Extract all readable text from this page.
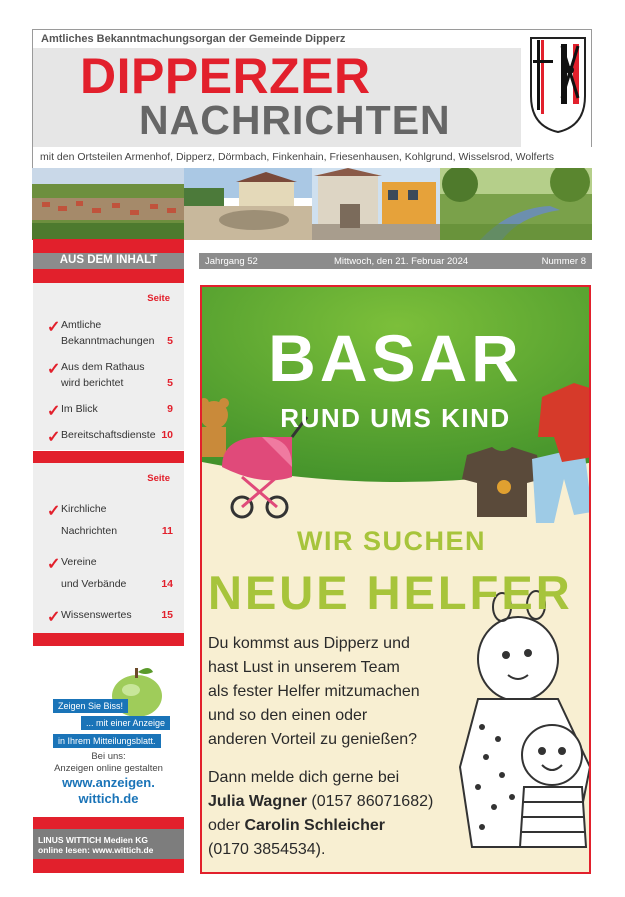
Amtliches Bekanntmachungsorgan der Gemeinde Dipperz
DIPPERZER
NACHRICHTEN
mit den Ortsteilen Armenhof, Dipperz, Dörmbach, Finkenhain, Friesenhausen, Kohlgrund, Wisselsrod, Wolferts
AUS DEM INHALT
Seite
✓ Amtliche
Bekanntmachungen 5
✓ Aus dem Rathaus
wird berichtet	5
✓ Im Blick	9
✓ Bereitschaftsdienste 10
Seite
✓ Kirchliche
Nachrichten	11
✓ Vereine
und Verbände	14
✓ Wissenswertes	15
Zeigen Sie Biss!
... mit einer Anzeige
in Ihrem Mitteilungsblatt.
Bei uns:
Anzeigen online gestalten
www.anzeigen.
wittich.de
LINUS WITTICH Medien KG
online lesen: www.wittich.de
Jahrgang 52	Mittwoch, den 21. Februar 2024	Nummer 8
BASAR
RUND UMS KIND
WIR SUCHEN
NEUE HELFER
Du kommst aus Dipperz und
hast Lust in unserem Team
als fester Helfer mitzumachen
und so den einen oder
anderen Vorteil zu genießen?
Dann melde dich gerne bei
Julia Wagner (0157 86071682)
oder Carolin Schleicher
(0170 3854534).
